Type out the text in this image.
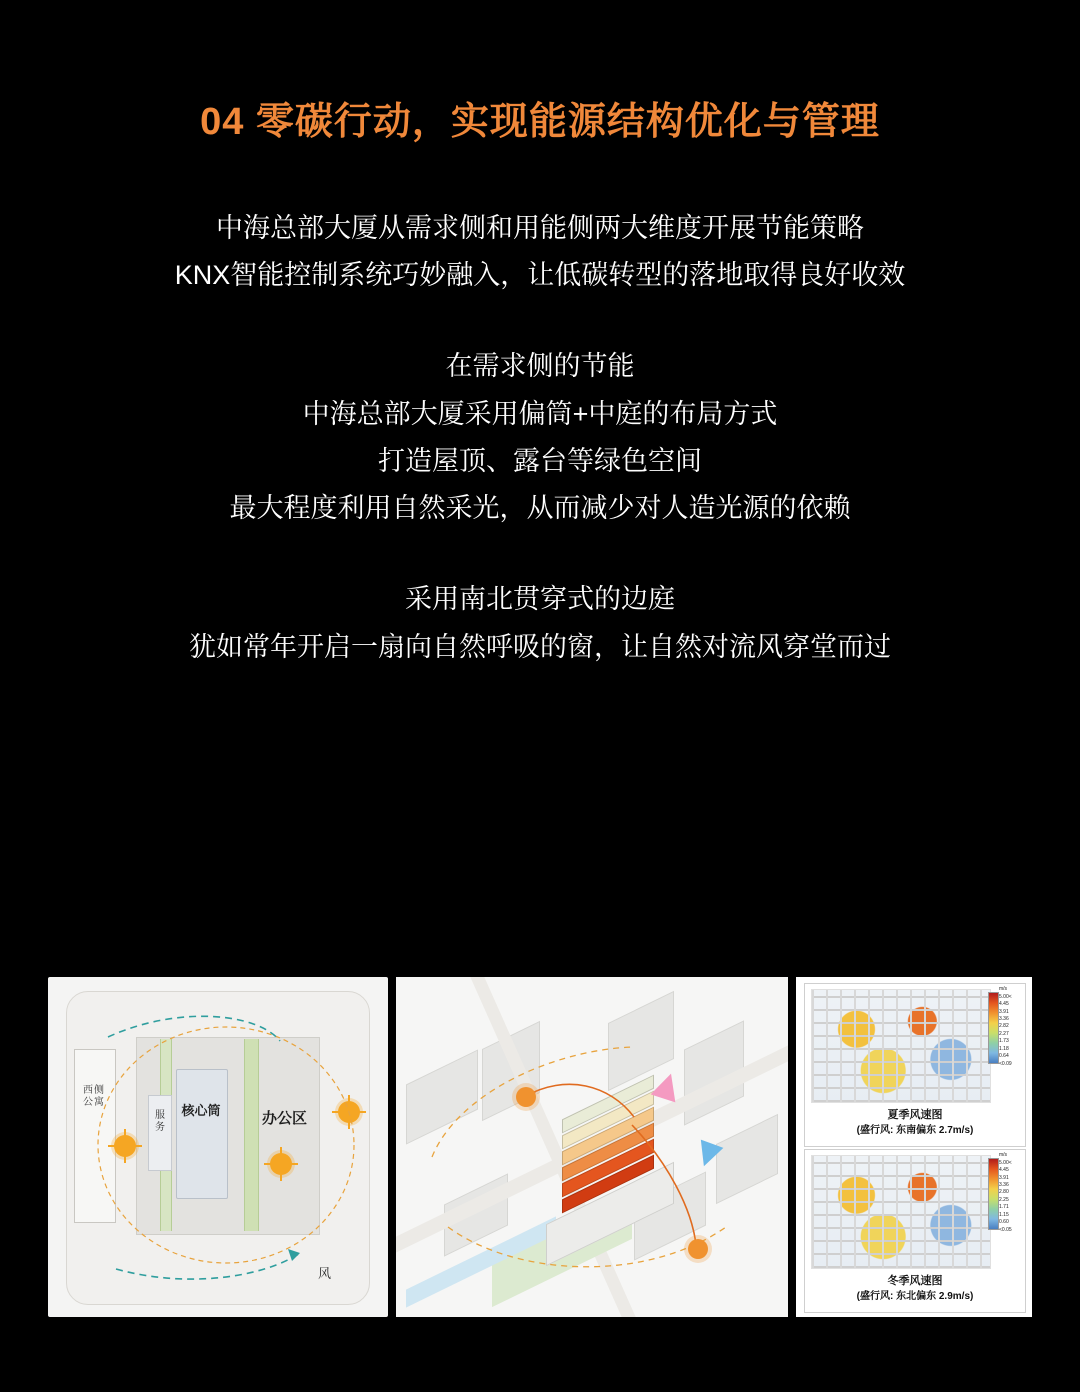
04 零碳行动，实现能源结构优化与管理
中海总部大厦从需求侧和用能侧两大维度开展节能策略
KNX智能控制系统巧妙融入，让低碳转型的落地取得良好收效
在需求侧的节能
中海总部大厦采用偏筒+中庭的布局方式
打造屋顶、露台等绿色空间
最大程度利用自然采光，从而减少对人造光源的依赖
采用南北贯穿式的边庭
犹如常年开启一扇向自然呼吸的窗，让自然对流风穿堂而过
西侧公寓
服务
核心筒	办公区
风
m/s
5.00<
4.45
3.91
3.36
2.82
2.27
1.73
1.18
0.64
<0.09
夏季风速图
(盛行风: 东南偏东 2.7m/s)
m/s
5.00<
4.45
3.91
3.36
2.80
2.25
1.71
1.15
0.60
<0.05
冬季风速图
(盛行风: 东北偏东 2.9m/s)
